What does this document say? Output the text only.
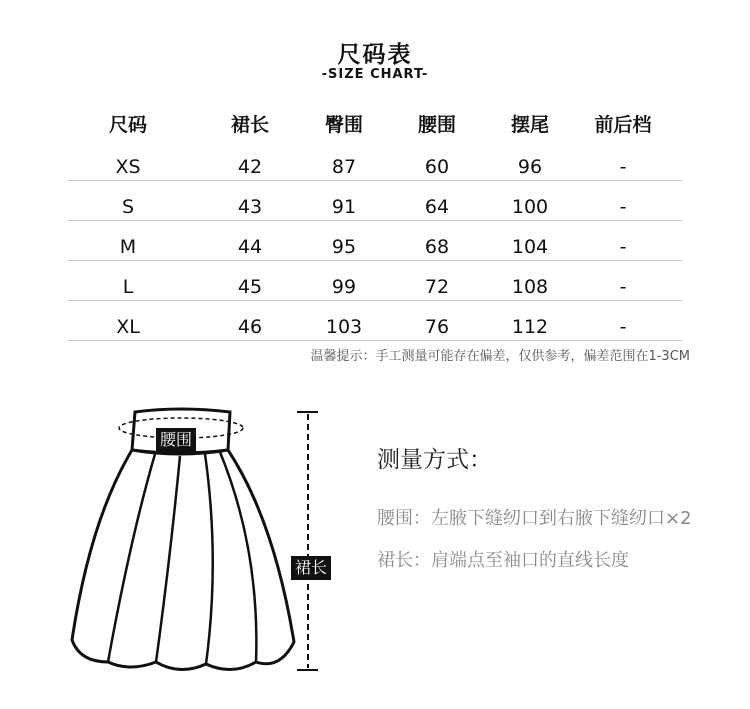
尺码表
-SIZE CHART-
尺码	裙长	臀围	腰围	摆尾	前后档
XS	42	87	60	96	-
S	43	91	64	100	-
M	44	95	68	104	-
L	45	99	72	108	-
XL	46	103	76	112	-
温馨提示：手工测量可能存在偏差，仅供参考，偏差范围在1-3CM
腰围
裙长
测量方式：
腰围：左腋下缝纫口到右腋下缝纫口×2
裙长：肩端点至袖口的直线长度
